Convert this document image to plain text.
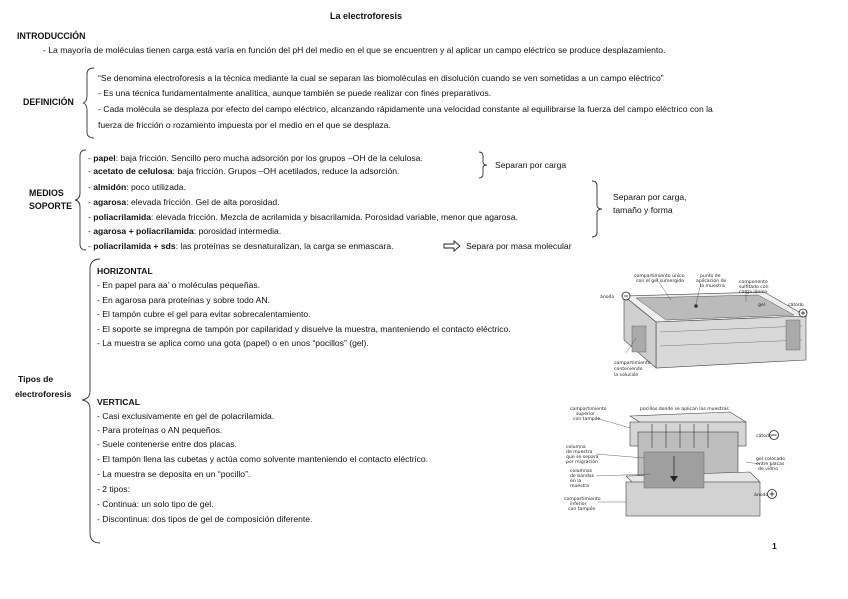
La electroforesis
INTRODUCCIÓN
- La mayoría de moléculas tienen carga está varía en función del pH del medio en el que se encuentren y al aplicar un campo eléctrico se produce desplazamiento.
DEFINICIÓN
“Se denomina electroforesis a la técnica mediante la cual se separan las biomoléculas en disolución cuando se ven sometidas a un campo eléctrico”
- Es una técnica fundamentalmente analítica, aunque también se puede realizar con fines preparativos.
- Cada molécula se desplaza por efecto del campo eléctrico, alcanzando rápidamente una velocidad constante al equilibrarse la fuerza del campo eléctrico con la
fuerza de fricción o rozamiento impuesta por el medio en el que se desplaza.
MEDIOS
SOPORTE
- papel: baja fricción. Sencillo pero mucha adsorción por los grupos –OH de la celulosa.
- acetato de celulosa: baja fricción. Grupos –OH acetilados, reduce la adsorción.
- almidón: poco utilizada.
- agarosa: elevada fricción. Gel de alta porosidad.
- poliacrilamida: elevada fricción. Mezcla de acrilamida y bisacrilamida. Porosidad variable, menor que agarosa.
- agarosa + poliacrilamida: porosidad intermedia.
- poliacrilamida + sds: las proteínas se desnaturalizan, la carga se enmascara.
Separan por carga
Separan por carga,
tamaño y forma
Separa por masa molecular
Tipos de
electroforesis
HORIZONTAL
- En papel para aa’ o moléculas pequeñas.
- En agarosa para proteínas y sobre todo AN.
- El tampón cubre el gel para evitar sobrecalentamiento.
- El soporte se impregna de tampón por capilaridad y disuelve la muestra, manteniendo el contacto eléctrico.
- La muestra se aplica como una gota (papel) o en unos “pocillos” (gel).
compartimiento único
con el gel sumergido
punto de
aplicación de
la muestra
componente
sulfitado con
carga iónica
ánodo
cátodo
gel
compartimiento
conteniendo
la solución
VERTICAL
- Casi exclusivamente en gel de polacrilamida.
- Para proteínas o AN pequeños.
- Suele contenerse entre dos placas.
- El tampón llena las cubetas y actúa como solvente manteniendo el contacto eléctrico.
- La muestra se deposita en un “pocillo”.
- 2 tipos:
- Continua: un solo tipo de gel.
- Discontinua: dos tipos de gel de composición diferente.
compartimiento
superior
con tampón
pocillos donde se aplican las muestras
columna
de muestra
que se separa
por migración
columnas
de bandas
en la
muestra
compartimiento
inferior
con tampón
cátodo
ánodo
gel colocado
entre placas
de vidrio
1
